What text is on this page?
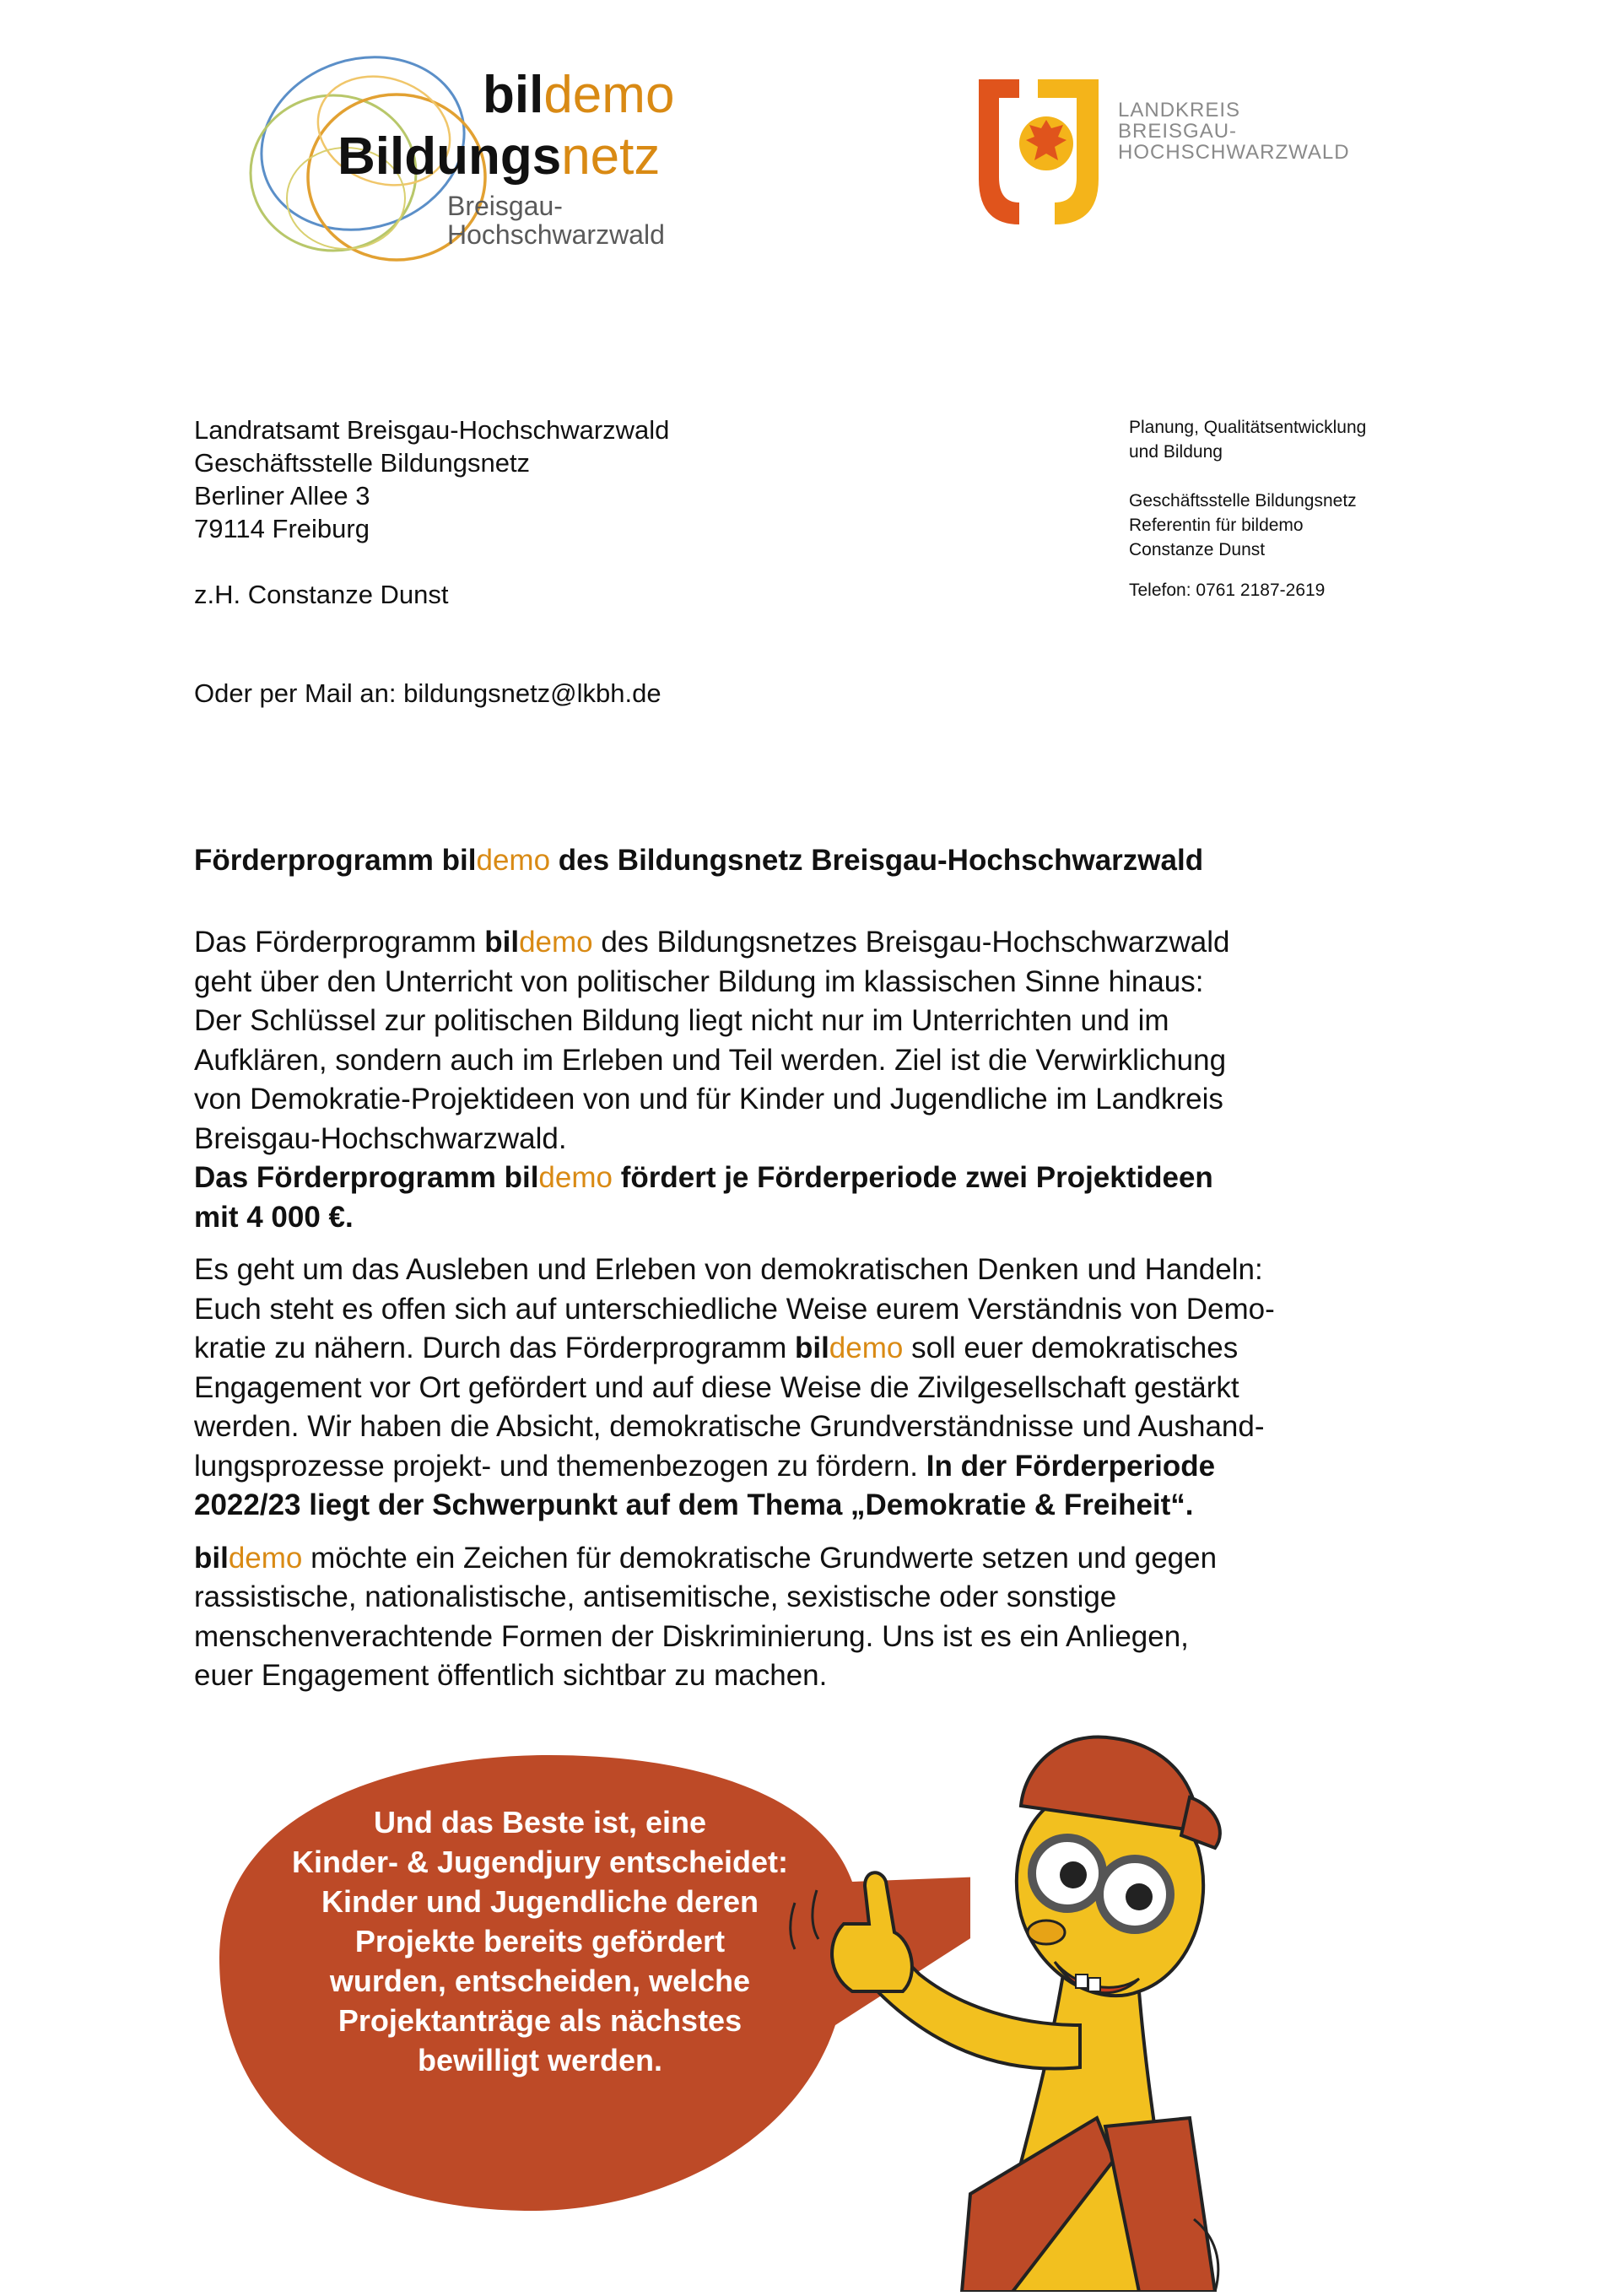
bildemo
Bildungsnetz
Breisgau-
Hochschwarzwald
LANDKREIS
BREISGAU-
HOCHSCHWARZWALD
Landratsamt Breisgau-Hochschwarzwald
Geschäftsstelle Bildungsnetz
Berliner Allee 3
79114 Freiburg
z.H. Constanze Dunst
Oder per Mail an: bildungsnetz@lkbh.de
Planung, Qualitätsentwicklung
und Bildung
Geschäftsstelle Bildungsnetz
Referentin für bildemo
Constanze Dunst
Telefon: 0761 2187-2619
Förderprogramm bildemo des Bildungsnetz Breisgau-Hochschwarzwald

Das Förderprogramm bildemo des Bildungsnetzes Breisgau-Hochschwarzwald
geht über den Unterricht von politischer Bildung im klassischen Sinne hinaus:
Der Schlüssel zur politischen Bildung liegt nicht nur im Unterrichten und im
Aufklären, sondern auch im Erleben und Teil werden. Ziel ist die Verwirklichung
von Demokratie-Projektideen von und für Kinder und Jugendliche im Landkreis
Breisgau-Hochschwarzwald.
Das Förderprogramm bildemo fördert je Förderperiode zwei Projektideen
mit 4 000 €.

Es geht um das Ausleben und Erleben von demokratischen Denken und Handeln:
Euch steht es offen sich auf unterschiedliche Weise eurem Verständnis von Demo-
kratie zu nähern. Durch das Förderprogramm bildemo soll euer demokratisches
Engagement vor Ort gefördert und auf diese Weise die Zivilgesellschaft gestärkt
werden. Wir haben die Absicht, demokratische Grundverständnisse und Aushand-
lungsprozesse projekt- und themenbezogen zu fördern. In der Förderperiode
2022/23 liegt der Schwerpunkt auf dem Thema „Demokratie & Freiheit“.

bildemo möchte ein Zeichen für demokratische Grundwerte setzen und gegen
rassistische, nationalistische, antisemitische, sexistische oder sonstige
menschenverachtende Formen der Diskriminierung. Uns ist es ein Anliegen,
euer Engagement öffentlich sichtbar zu machen.

Und das Beste ist, eine
Kinder- & Jugendjury entscheidet:
Kinder und Jugendliche deren
Projekte bereits gefördert
wurden, entscheiden, welche
Projektanträge als nächstes
bewilligt werden.
